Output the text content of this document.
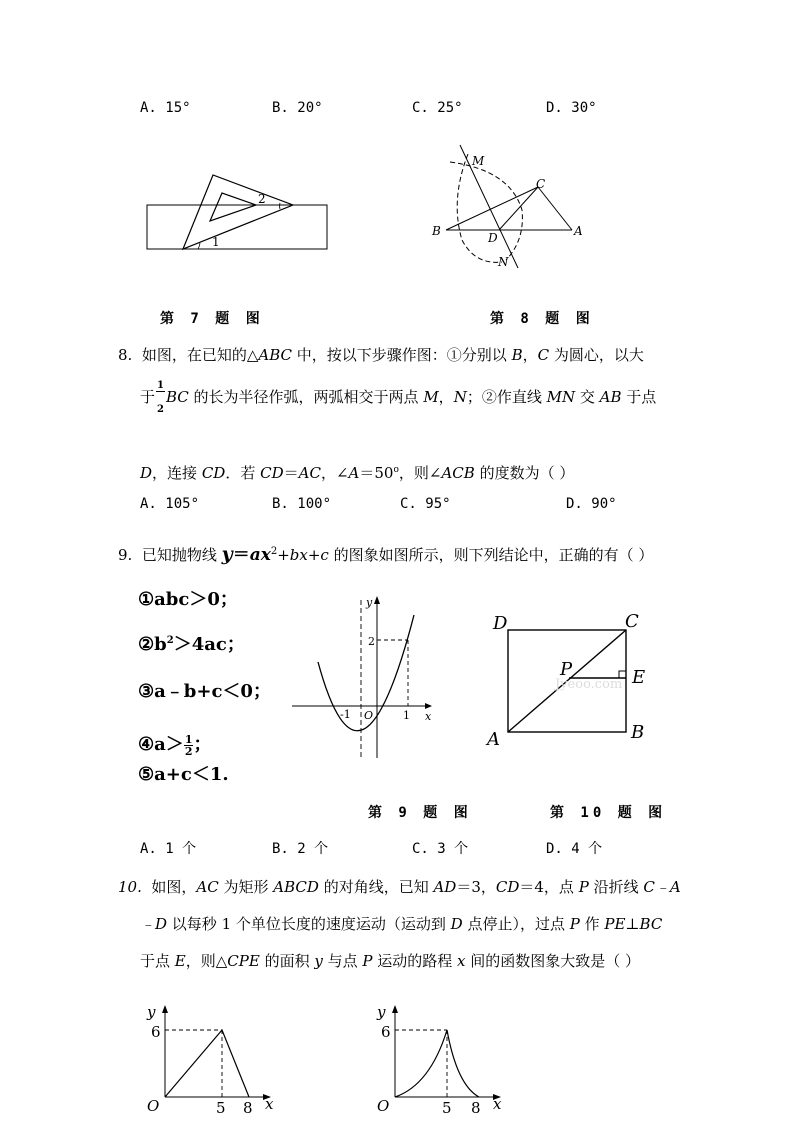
A. 15°	B. 20°	C. 25°	D. 30°
1
2
M
C
B	D	A
N
第 7 题 图	第 8 题 图
8. 如图，在已知的△ABC 中，按以下步骤作图：①分别以 B，C 为圆心，以大
于 $\frac{1}{2}$ BC 的长为半径作弧，两弧相交于两点 M，N；②作直线 MN 交 AB 于点
D，连接 CD．若 CD＝AC，$\angle A=50^o$，则∠ACB 的度数为（ ）
A. 105°	B. 100°	C. 95°	D. 90°
9. 已知抛物线 $y=ax^2+bx+c$ 的图象如图所示，则下列结论中，正确的有（ ）
①abc＞0；
$②b^2>4ac$；
③a﹣b+c＜0；
④a＞ $\frac{1}{2}$ ；
⑤a+c＜1.
y
2
-1 O	1 x
Jyeoo.com
D	C
P	E
A	B
第 9 题 图	第 10 题 图
A. 1 个	B. 2 个	C. 3 个	D. 4 个
10. 如图，AC 为矩形 ABCD 的对角线，已知 AD＝3，CD＝4，点 P 沿折线 C﹣A
﹣D 以每秒 1 个单位长度的速度运动（运动到 D 点停止），过点 P 作 PE⊥BC
于点 E，则△CPE 的面积 y 与点 P 运动的路程 x 间的函数图象大致是（ ）
y
6
O	5 8 x
y
6
O	5 8 x
